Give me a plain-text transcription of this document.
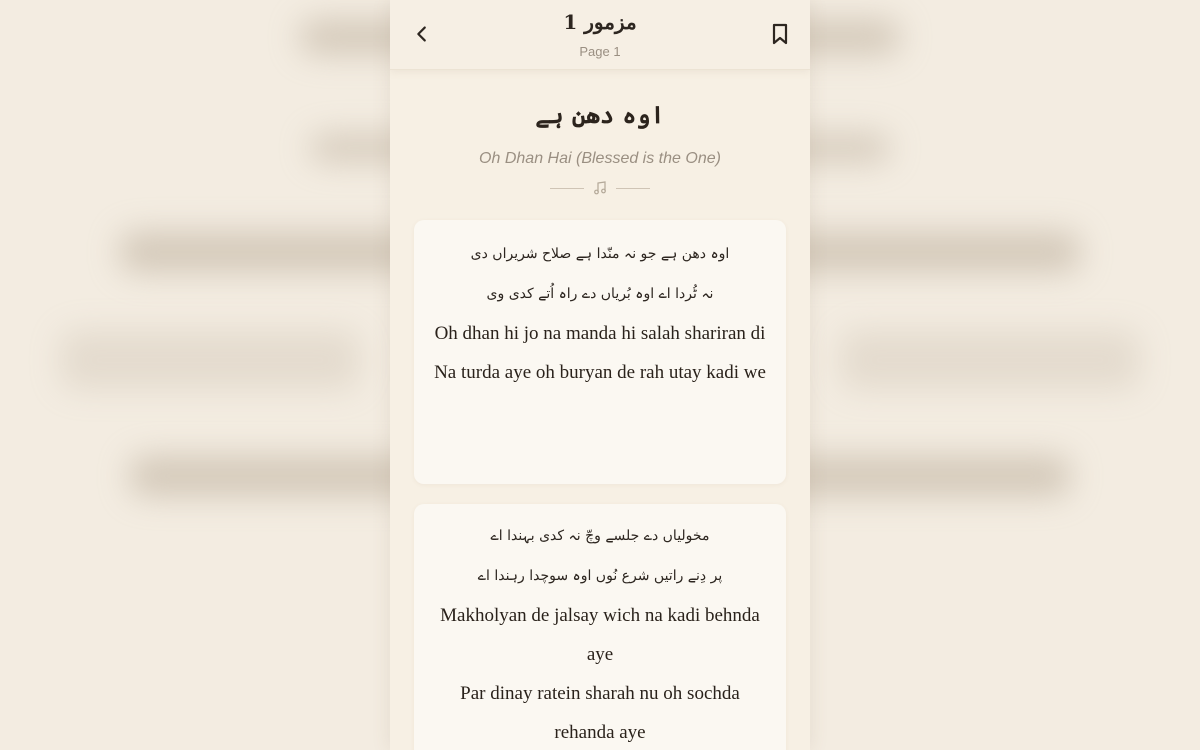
مزمور 1
Page 1
اوہ دھن ہے
Oh Dhan Hai (Blessed is the One)
اوہ دھن ہے جو نہ منّدا ہے صلاح شریراں دی
نہ ٹُردا اے اوہ بُریاں دے راہ اُتے کدی وی
Oh dhan hi jo na manda hi salah shariran di
Na turda aye oh buryan de rah utay kadi we
مخولیاں دے جلسے وچّ نہ کدی بہندا اے
پر دِنے راتیں شرع نُوں اوہ سوچدا رہندا اے
Makholyan de jalsay wich na kadi behnda aye
Par dinay ratein sharah nu oh sochda rehanda aye
